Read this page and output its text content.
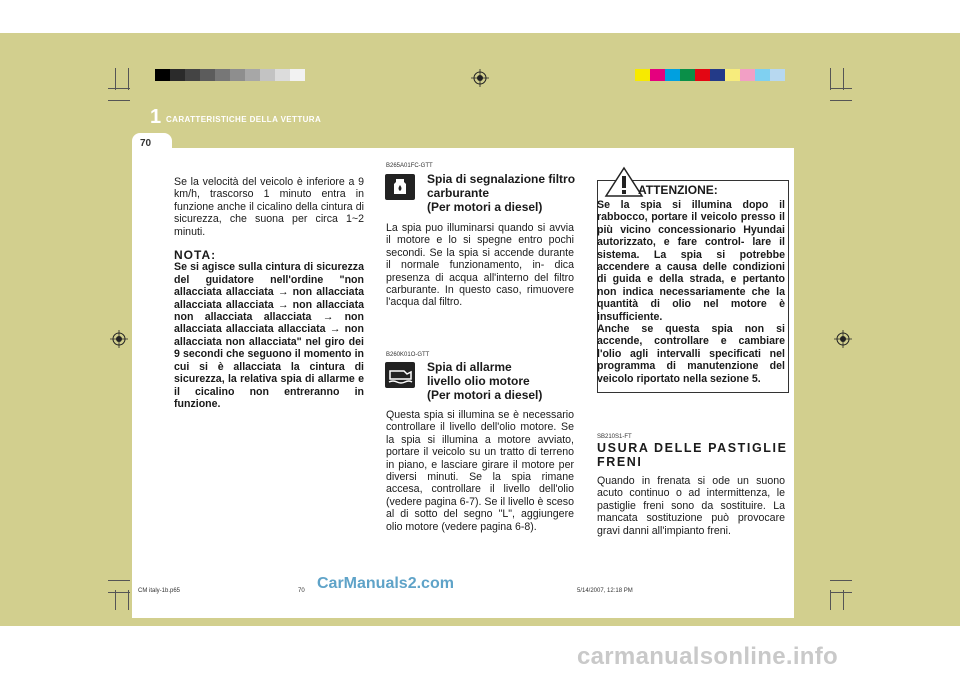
1 CARATTERISTICHE DELLA VETTURA
70

Se la velocità del veicolo è inferiore a 9 km/h, trascorso 1 minuto entra in funzione anche il cicalino della cintura di sicurezza, che suona per circa 1~2 minuti.

NOTA:

Se si agisce sulla cintura di sicurezza del guidatore nell'ordine "non allacciata allacciata → non allacciata allacciata allacciata → non allacciata non allacciata allacciata → non allacciata allacciata allacciata → non allacciata non allacciata" nel giro dei 9 secondi che seguono il momento in cui si è allacciata la cintura di sicurezza, la relativa spia di allarme e il cicalino non entreranno in funzione.

B265A01FC-GTT
Spia di segnalazione filtro
carburante
(Per motori a diesel)

La spia puo illuminarsi quando si avvia il motore e lo si spegne entro pochi secondi. Se la spia si accende durante il normale funzionamento, in- dica presenza di acqua all'interno del filtro carburante. In questo caso, rimuovere l'acqua dal filtro.

B260K01O-GTT
Spia di allarme
livello olio motore
(Per motori a diesel)

Questa spia si illumina se è necessario controllare il livello dell'olio motore. Se la spia si illumina a motore avviato, portare il veicolo su un tratto di terreno in piano, e lasciare girare il motore per diversi minuti. Se la spia rimane accesa, controllare il livello dell'olio (vedere pagina 6-7). Se il livello è sceso al di sotto del segno "L", aggiungere olio motore (vedere pagina 6-8).

ATTENZIONE:

Se la spia si illumina dopo il rabbocco, portare il veicolo presso il più vicino concessionario Hyundai autorizzato, e fare control- lare il sistema. La spia si potrebbe accendere a causa delle condizioni di guida e della strada, e pertanto non indica necessariamente che la quantità di olio nel motore è insufficiente.

Anche se questa spia non si accende, controllare e cambiare l'olio agli intervalli specificati nel programma di manutenzione del veicolo riportato nella sezione 5.

SB210S1-FT
USURA DELLE PASTIGLIE
FRENI

Quando in frenata si ode un suono acuto continuo o ad intermittenza, le pastiglie freni sono da sostituire. La mancata sostituzione può provocare gravi danni all'impianto freni.

CM italy-1b.p65	70	5/14/2007, 12:18 PM
CarManuals2.com
carmanualsonline.info
